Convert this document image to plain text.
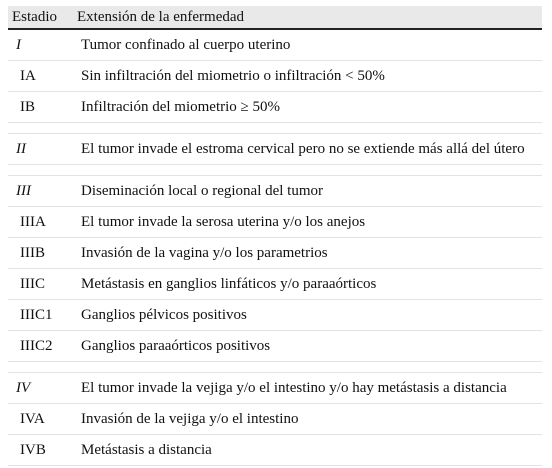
Estadio	Extensión de la enfermedad
I	Tumor confinado al cuerpo uterino
IA	Sin infiltración del miometrio o infiltración < 50%
IB	Infiltración del miometrio ≥ 50%

II	El tumor invade el estroma cervical pero no se extiende más allá del útero

III	Diseminación local o regional del tumor
IIIA	El tumor invade la serosa uterina y/o los anejos
IIIB	Invasión de la vagina y/o los parametrios
IIIC	Metástasis en ganglios linfáticos y/o paraaórticos
IIIC1	Ganglios pélvicos positivos
IIIC2	Ganglios paraaórticos positivos

IV	El tumor invade la vejiga y/o el intestino y/o hay metástasis a distancia
IVA	Invasión de la vejiga y/o el intestino
IVB	Metástasis a distancia
